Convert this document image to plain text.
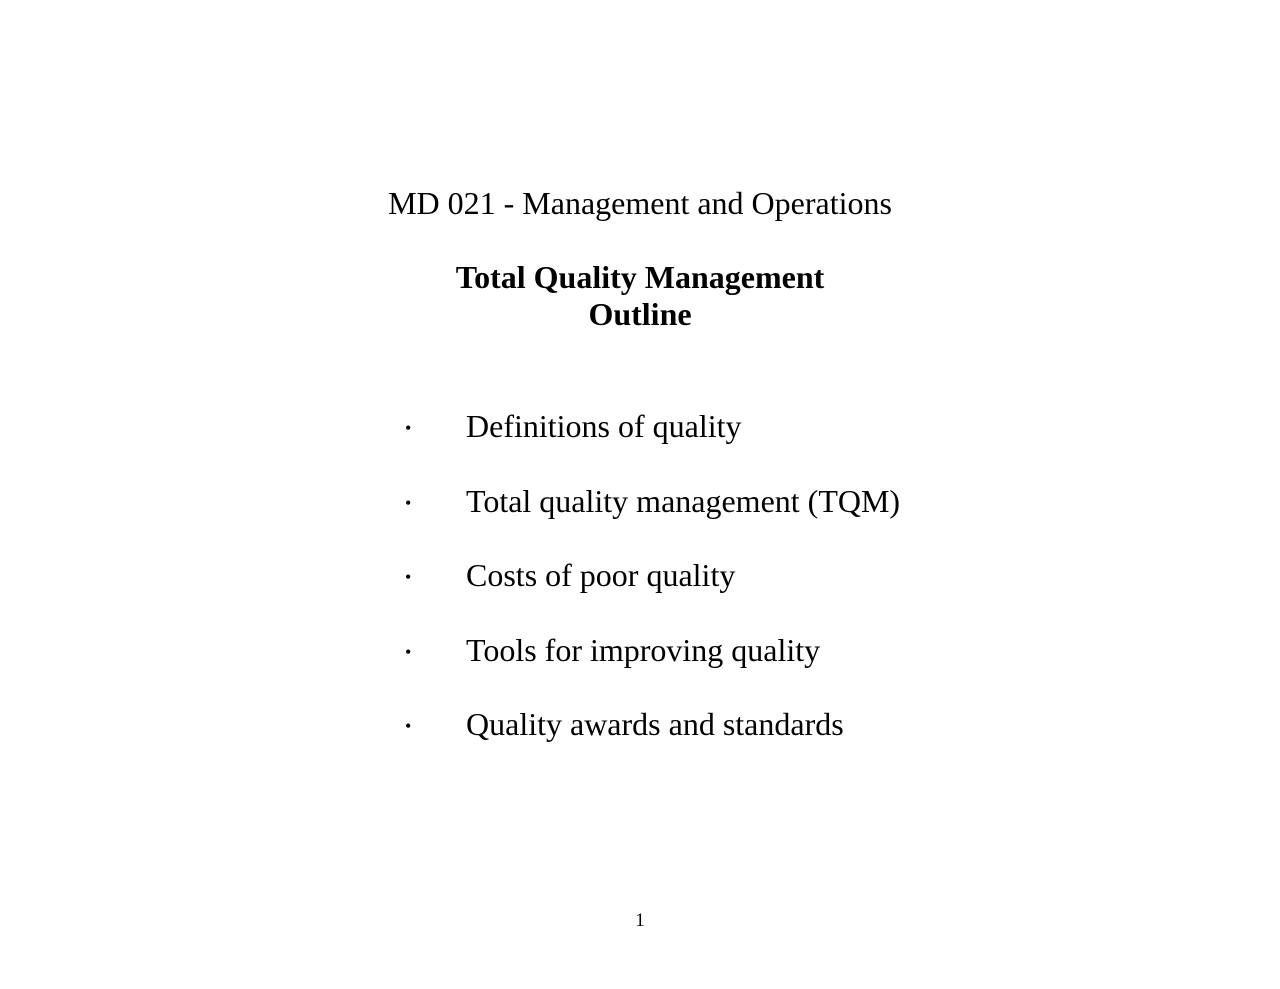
MD 021 - Management and Operations
Total Quality Management
Outline
• Definitions of quality
• Total quality management (TQM)
• Costs of poor quality
• Tools for improving quality
• Quality awards and standards
1
